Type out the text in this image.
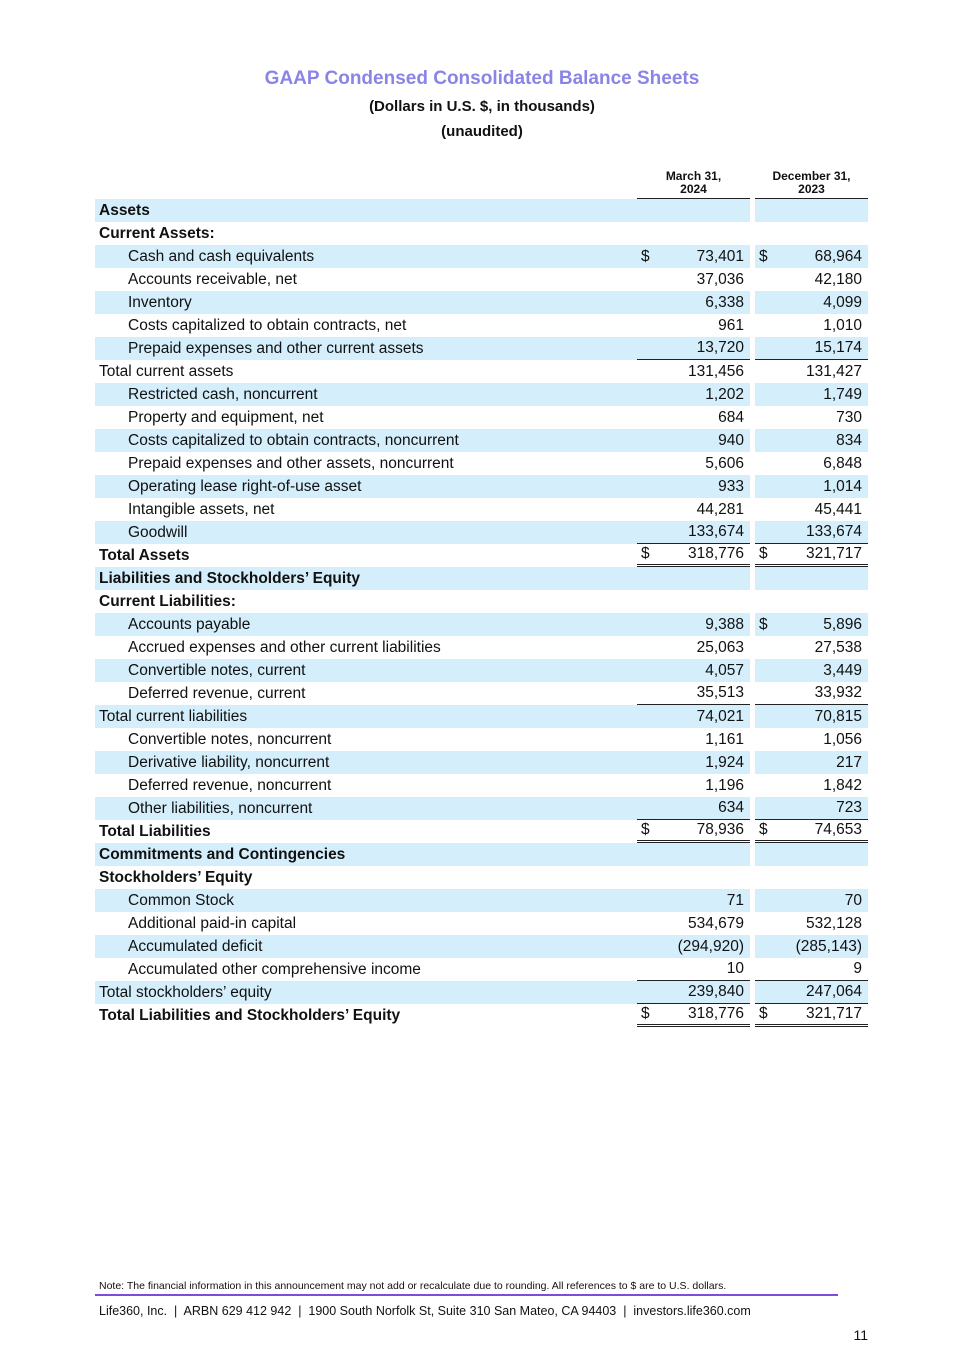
GAAP Condensed Consolidated Balance Sheets
(Dollars in U.S. $, in thousands)
(unaudited)
	March 31,
2024		December 31,
2023
Assets			
Current Assets:			
Cash and cash equivalents	$ 73,401		$ 68,964
Accounts receivable, net	37,036		42,180
Inventory	6,338		4,099
Costs capitalized to obtain contracts, net	961		1,010
Prepaid expenses and other current assets	13,720		15,174
Total current assets	131,456		131,427
Restricted cash, noncurrent	1,202		1,749
Property and equipment, net	684		730
Costs capitalized to obtain contracts, noncurrent	940		834
Prepaid expenses and other assets, noncurrent	5,606		6,848
Operating lease right-of-use asset	933		1,014
Intangible assets, net	44,281		45,441
Goodwill	133,674		133,674
Total Assets	$ 318,776		$ 321,717
Liabilities and Stockholders’ Equity			
Current Liabilities:			
Accounts payable	9,388		$ 5,896
Accrued expenses and other current liabilities	25,063		27,538
Convertible notes, current	4,057		3,449
Deferred revenue, current	35,513		33,932
Total current liabilities	74,021		70,815
Convertible notes, noncurrent	1,161		1,056
Derivative liability, noncurrent	1,924		217
Deferred revenue, noncurrent	1,196		1,842
Other liabilities, noncurrent	634		723
Total Liabilities	$ 78,936		$ 74,653
Commitments and Contingencies			
Stockholders’ Equity			
Common Stock	71		70
Additional paid-in capital	534,679		532,128
Accumulated deficit	(294,920)		(285,143)
Accumulated other comprehensive income	10		9
Total stockholders’ equity	239,840		247,064
Total Liabilities and Stockholders’ Equity	$ 318,776		$ 321,717
Note: The financial information in this announcement may not add or recalculate due to rounding. All references to $ are to U.S. dollars.
Life360, Inc.  |  ARBN 629 412 942  |  1900 South Norfolk St, Suite 310 San Mateo, CA 94403  |  investors.life360.com
11
